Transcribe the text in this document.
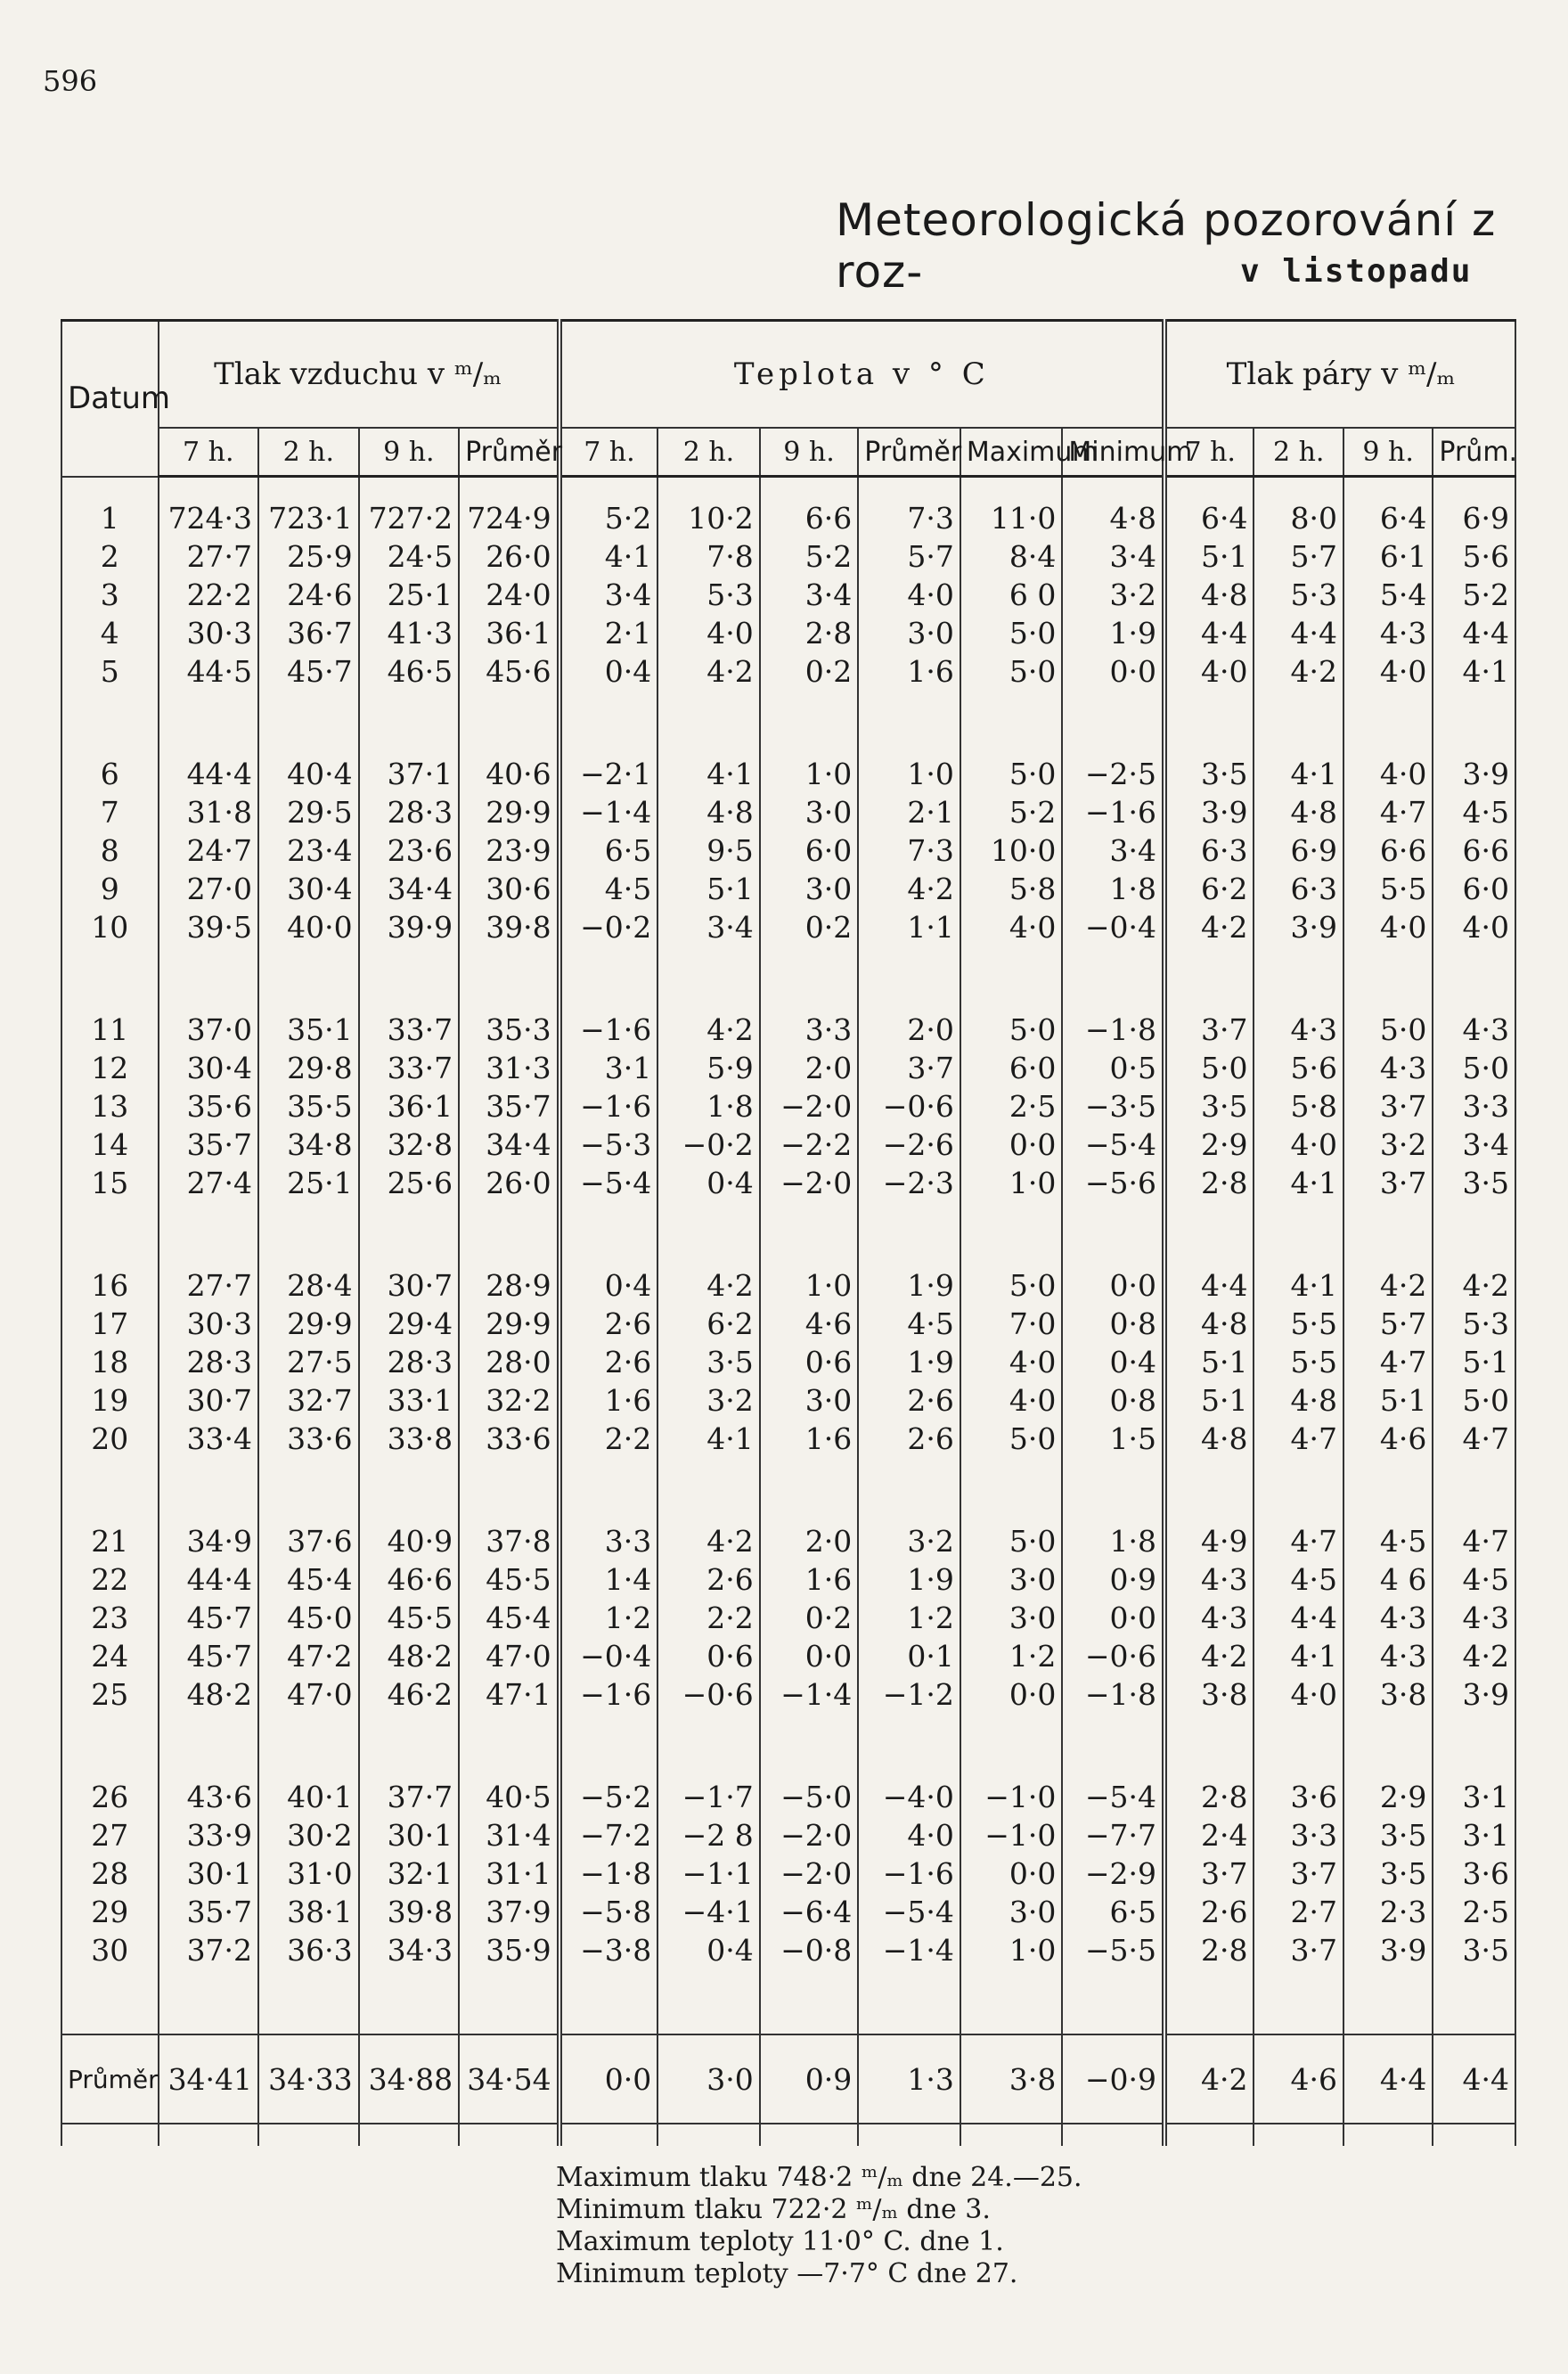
596
Meteorologická pozorování z roz-	v listopadu
Datum	Tlak vzduchu v ᵐ/ₘ				Teplota v ° C						Tlak páry v ᵐ/ₘ			
	7 h.	2 h.	9 h.	Průměr	7 h.	2 h.	9 h.	Průměr	Maximum	Minimum	7 h.	2 h.	9 h.	Prům.

1	724·3	723·1	727·2	724·9	5·2	10·2	6·6	7·3	11·0	4·8	6·4	8·0	6·4	6·9
2	27·7	25·9	24·5	26·0	4·1	7·8	5·2	5·7	8·4	3·4	5·1	5·7	6·1	5·6
3	22·2	24·6	25·1	24·0	3·4	5·3	3·4	4·0	6 0	3·2	4·8	5·3	5·4	5·2
4	30·3	36·7	41·3	36·1	2·1	4·0	2·8	3·0	5·0	1·9	4·4	4·4	4·3	4·4
5	44·5	45·7	46·5	45·6	0·4	4·2	0·2	1·6	5·0	0·0	4·0	4·2	4·0	4·1

6	44·4	40·4	37·1	40·6	−2·1	4·1	1·0	1·0	5·0	−2·5	3·5	4·1	4·0	3·9
7	31·8	29·5	28·3	29·9	−1·4	4·8	3·0	2·1	5·2	−1·6	3·9	4·8	4·7	4·5
8	24·7	23·4	23·6	23·9	6·5	9·5	6·0	7·3	10·0	3·4	6·3	6·9	6·6	6·6
9	27·0	30·4	34·4	30·6	4·5	5·1	3·0	4·2	5·8	1·8	6·2	6·3	5·5	6·0
10	39·5	40·0	39·9	39·8	−0·2	3·4	0·2	1·1	4·0	−0·4	4·2	3·9	4·0	4·0

11	37·0	35·1	33·7	35·3	−1·6	4·2	3·3	2·0	5·0	−1·8	3·7	4·3	5·0	4·3
12	30·4	29·8	33·7	31·3	3·1	5·9	2·0	3·7	6·0	0·5	5·0	5·6	4·3	5·0
13	35·6	35·5	36·1	35·7	−1·6	1·8	−2·0	−0·6	2·5	−3·5	3·5	5·8	3·7	3·3
14	35·7	34·8	32·8	34·4	−5·3	−0·2	−2·2	−2·6	0·0	−5·4	2·9	4·0	3·2	3·4
15	27·4	25·1	25·6	26·0	−5·4	0·4	−2·0	−2·3	1·0	−5·6	2·8	4·1	3·7	3·5

16	27·7	28·4	30·7	28·9	0·4	4·2	1·0	1·9	5·0	0·0	4·4	4·1	4·2	4·2
17	30·3	29·9	29·4	29·9	2·6	6·2	4·6	4·5	7·0	0·8	4·8	5·5	5·7	5·3
18	28·3	27·5	28·3	28·0	2·6	3·5	0·6	1·9	4·0	0·4	5·1	5·5	4·7	5·1
19	30·7	32·7	33·1	32·2	1·6	3·2	3·0	2·6	4·0	0·8	5·1	4·8	5·1	5·0
20	33·4	33·6	33·8	33·6	2·2	4·1	1·6	2·6	5·0	1·5	4·8	4·7	4·6	4·7

21	34·9	37·6	40·9	37·8	3·3	4·2	2·0	3·2	5·0	1·8	4·9	4·7	4·5	4·7
22	44·4	45·4	46·6	45·5	1·4	2·6	1·6	1·9	3·0	0·9	4·3	4·5	4 6	4·5
23	45·7	45·0	45·5	45·4	1·2	2·2	0·2	1·2	3·0	0·0	4·3	4·4	4·3	4·3
24	45·7	47·2	48·2	47·0	−0·4	0·6	0·0	0·1	1·2	−0·6	4·2	4·1	4·3	4·2
25	48·2	47·0	46·2	47·1	−1·6	−0·6	−1·4	−1·2	0·0	−1·8	3·8	4·0	3·8	3·9

26	43·6	40·1	37·7	40·5	−5·2	−1·7	−5·0	−4·0	−1·0	−5·4	2·8	3·6	2·9	3·1
27	33·9	30·2	30·1	31·4	−7·2	−2 8	−2·0	4·0	−1·0	−7·7	2·4	3·3	3·5	3·1
28	30·1	31·0	32·1	31·1	−1·8	−1·1	−2·0	−1·6	0·0	−2·9	3·7	3·7	3·5	3·6
29	35·7	38·1	39·8	37·9	−5·8	−4·1	−6·4	−5·4	3·0	6·5	2·6	2·7	2·3	2·5
30	37·2	36·3	34·3	35·9	−3·8	0·4	−0·8	−1·4	1·0	−5·5	2·8	3·7	3·9	3·5

Průměr	34·41	34·33	34·88	34·54	0·0	3·0	0·9	1·3	3·8	−0·9	4·2	4·6	4·4	4·4

Maximum tlaku 748·2 ᵐ/ₘ dne 24.—25.
Minimum tlaku 722·2 ᵐ/ₘ dne 3.
Maximum teploty 11·0° C. dne 1.
Minimum teploty —7·7° C dne 27.
